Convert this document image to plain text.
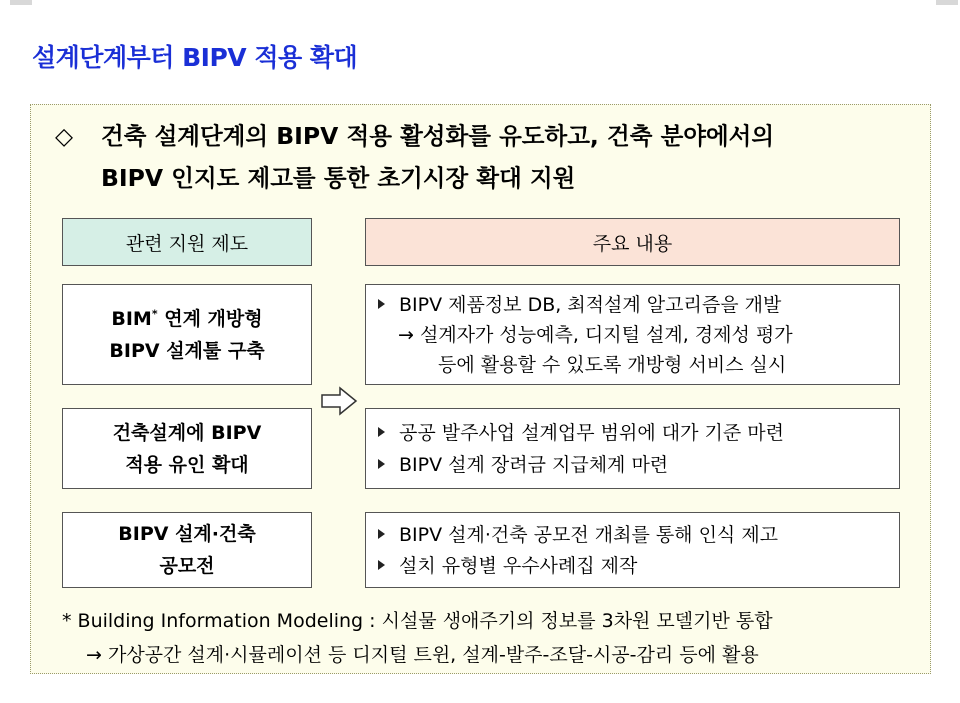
설계단계부터 BIPV 적용 확대
◇ 건축 설계단계의 BIPV 적용 활성화를 유도하고, 건축 분야에서의
BIPV 인지도 제고를 통한 초기시장 확대 지원
관련 지원 제도	주요 내용
BIM* 연계 개방형
BIPV 설계툴 구축
BIPV 제품정보 DB, 최적설계 알고리즘을 개발
→ 설계자가 성능예측, 디지털 설계, 경제성 평가
등에 활용할 수 있도록 개방형 서비스 실시
건축설계에 BIPV
적용 유인 확대
공공 발주사업 설계업무 범위에 대가 기준 마련
BIPV 설계 장려금 지급체계 마련
BIPV 설계·건축
공모전
BIPV 설계·건축 공모전 개최를 통해 인식 제고
설치 유형별 우수사례집 제작
* Building Information Modeling : 시설물 생애주기의 정보를 3차원 모델기반 통합
→ 가상공간 설계·시뮬레이션 등 디지털 트윈, 설계-발주-조달-시공-감리 등에 활용
